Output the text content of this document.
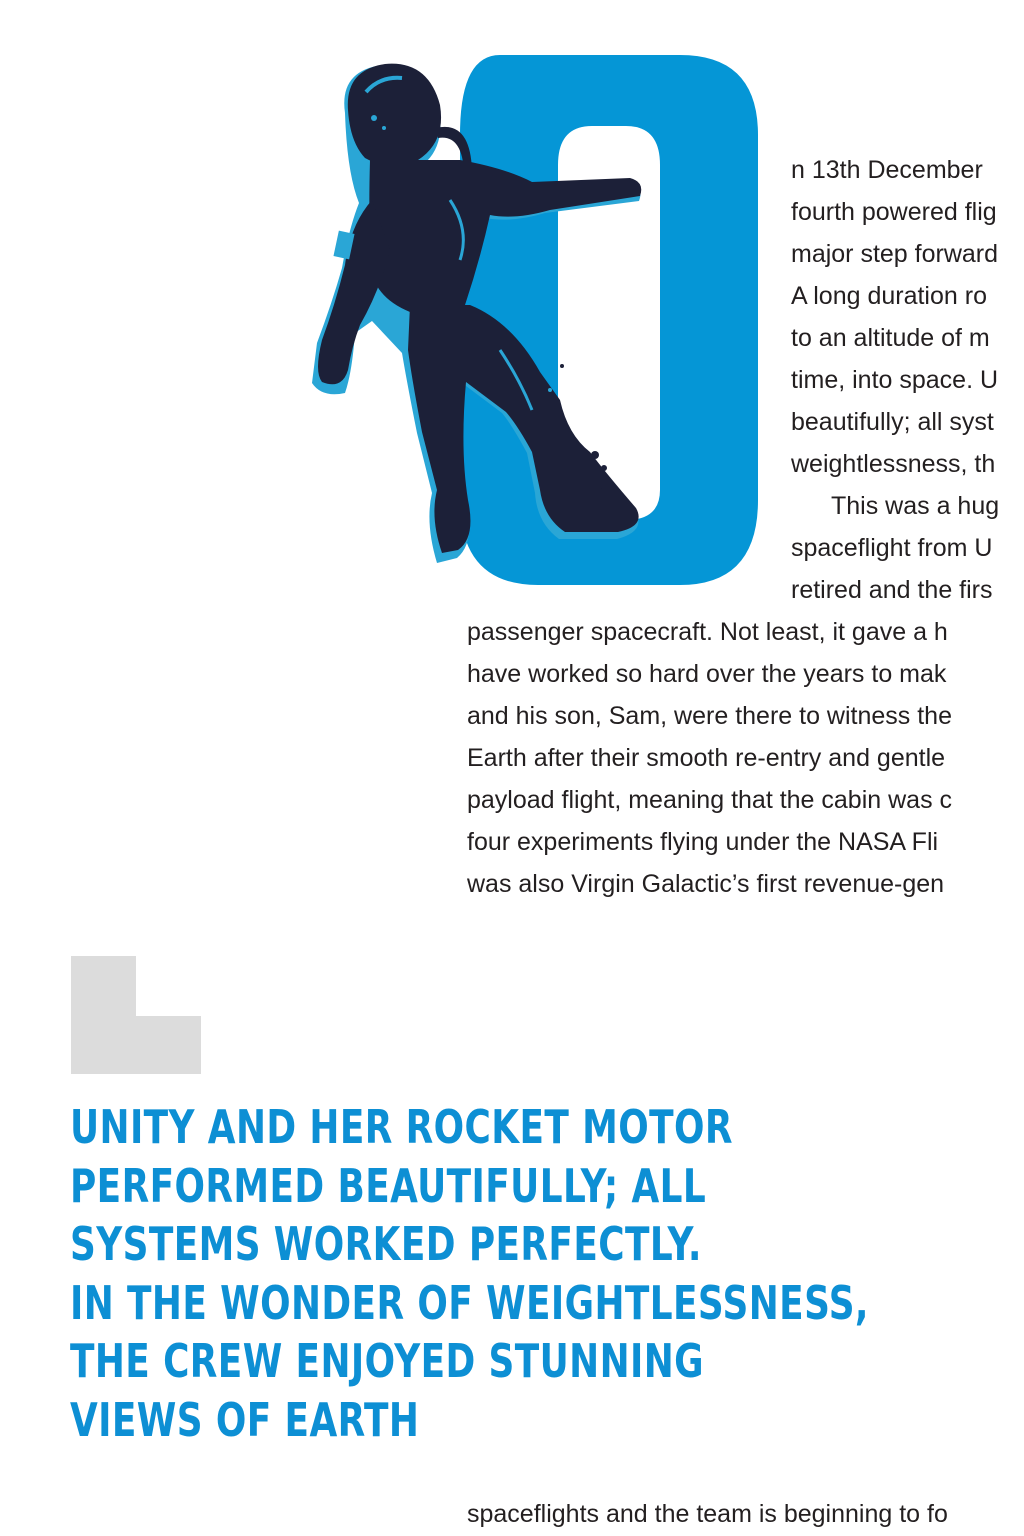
n 13th December
fourth powered flig
major step forward
A long duration ro
to an altitude of m
time, into space. U
beautifully; all syst
weightlessness, th
This was a hug
spaceflight from U
retired and the firs
passenger spacecraft. Not least, it gave a h
have worked so hard over the years to mak
and his son, Sam, were there to witness the
Earth after their smooth re-entry and gentle
payload flight, meaning that the cabin was c
four experiments flying under the NASA Fli
was also Virgin Galactic’s first revenue-gen
UNITY AND HER ROCKET MOTOR
PERFORMED BEAUTIFULLY; ALL
SYSTEMS WORKED PERFECTLY.
IN THE WONDER OF WEIGHTLESSNESS,
THE CREW ENJOYED STUNNING
VIEWS OF EARTH
spaceflights and the team is beginning to fo
